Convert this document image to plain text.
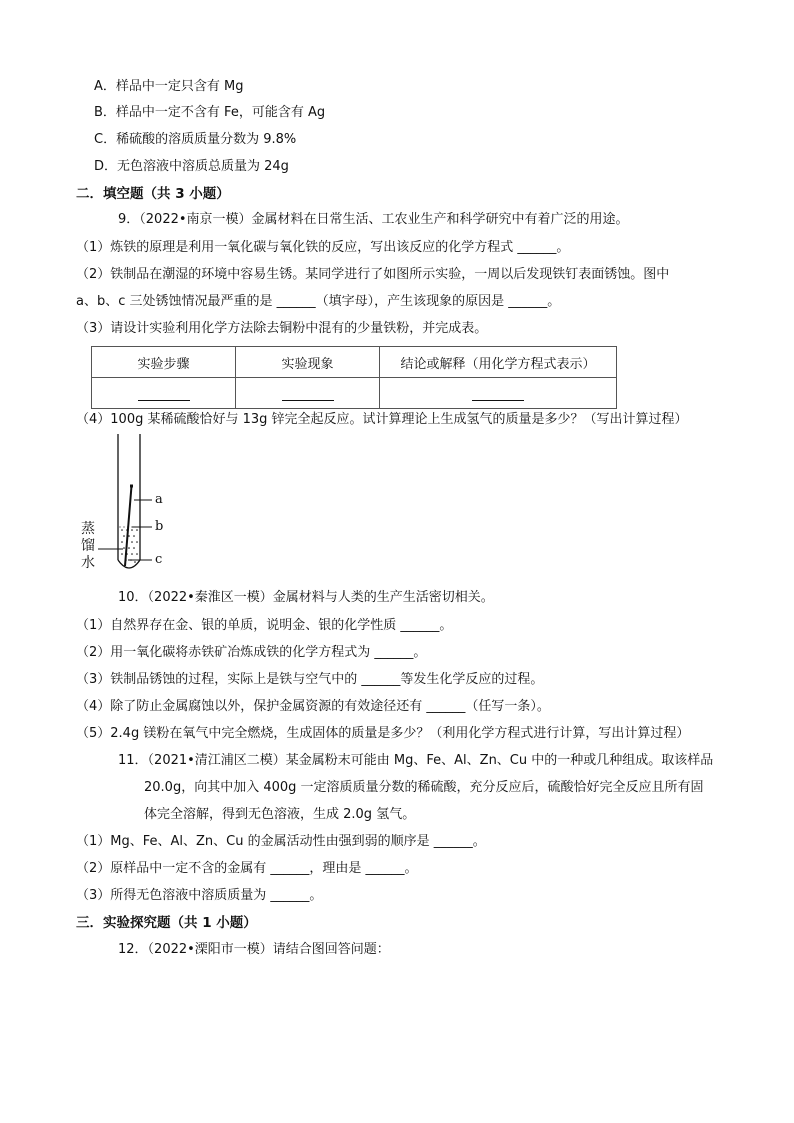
A．样品中一定只含有 Mg
B．样品中一定不含有 Fe，可能含有 Ag
C．稀硫酸的溶质质量分数为 9.8%
D．无色溶液中溶质总质量为 24g
二．填空题（共 3 小题）
9．（2022•南京一模）金属材料在日常生活、工农业生产和科学研究中有着广泛的用途。
（1）炼铁的原理是利用一氧化碳与氧化铁的反应，写出该反应的化学方程式 ______。
（2）铁制品在潮湿的环境中容易生锈。某同学进行了如图所示实验，一周以后发现铁钉表面锈蚀。图中
a、b、c 三处锈蚀情况最严重的是 ______（填字母），产生该现象的原因是 ______。
（3）请设计实验利用化学方法除去铜粉中混有的少量铁粉，并完成表。
实验步骤	实验现象	结论或解释（用化学方程式表示）

（4）100g 某稀硫酸恰好与 13g 锌完全起反应。试计算理论上生成氢气的质量是多少？（写出计算过程）
a
b
c
蒸
馏
水
10．（2022•秦淮区一模）金属材料与人类的生产生活密切相关。
（1）自然界存在金、银的单质，说明金、银的化学性质 ______。
（2）用一氧化碳将赤铁矿冶炼成铁的化学方程式为 ______。
（3）铁制品锈蚀的过程，实际上是铁与空气中的 ______等发生化学反应的过程。
（4）除了防止金属腐蚀以外，保护金属资源的有效途径还有 ______（任写一条）。
（5）2.4g 镁粉在氧气中完全燃烧，生成固体的质量是多少？（利用化学方程式进行计算，写出计算过程）
11．（2021•清江浦区二模）某金属粉末可能由 Mg、Fe、Al、Zn、Cu 中的一种或几种组成。取该样品
20.0g，向其中加入 400g 一定溶质质量分数的稀硫酸，充分反应后，硫酸恰好完全反应且所有固
体完全溶解，得到无色溶液，生成 2.0g 氢气。
（1）Mg、Fe、Al、Zn、Cu 的金属活动性由强到弱的顺序是 ______。
（2）原样品中一定不含的金属有 ______，理由是 ______。
（3）所得无色溶液中溶质质量为 ______。
三．实验探究题（共 1 小题）
12．（2022•溧阳市一模）请结合图回答问题：
